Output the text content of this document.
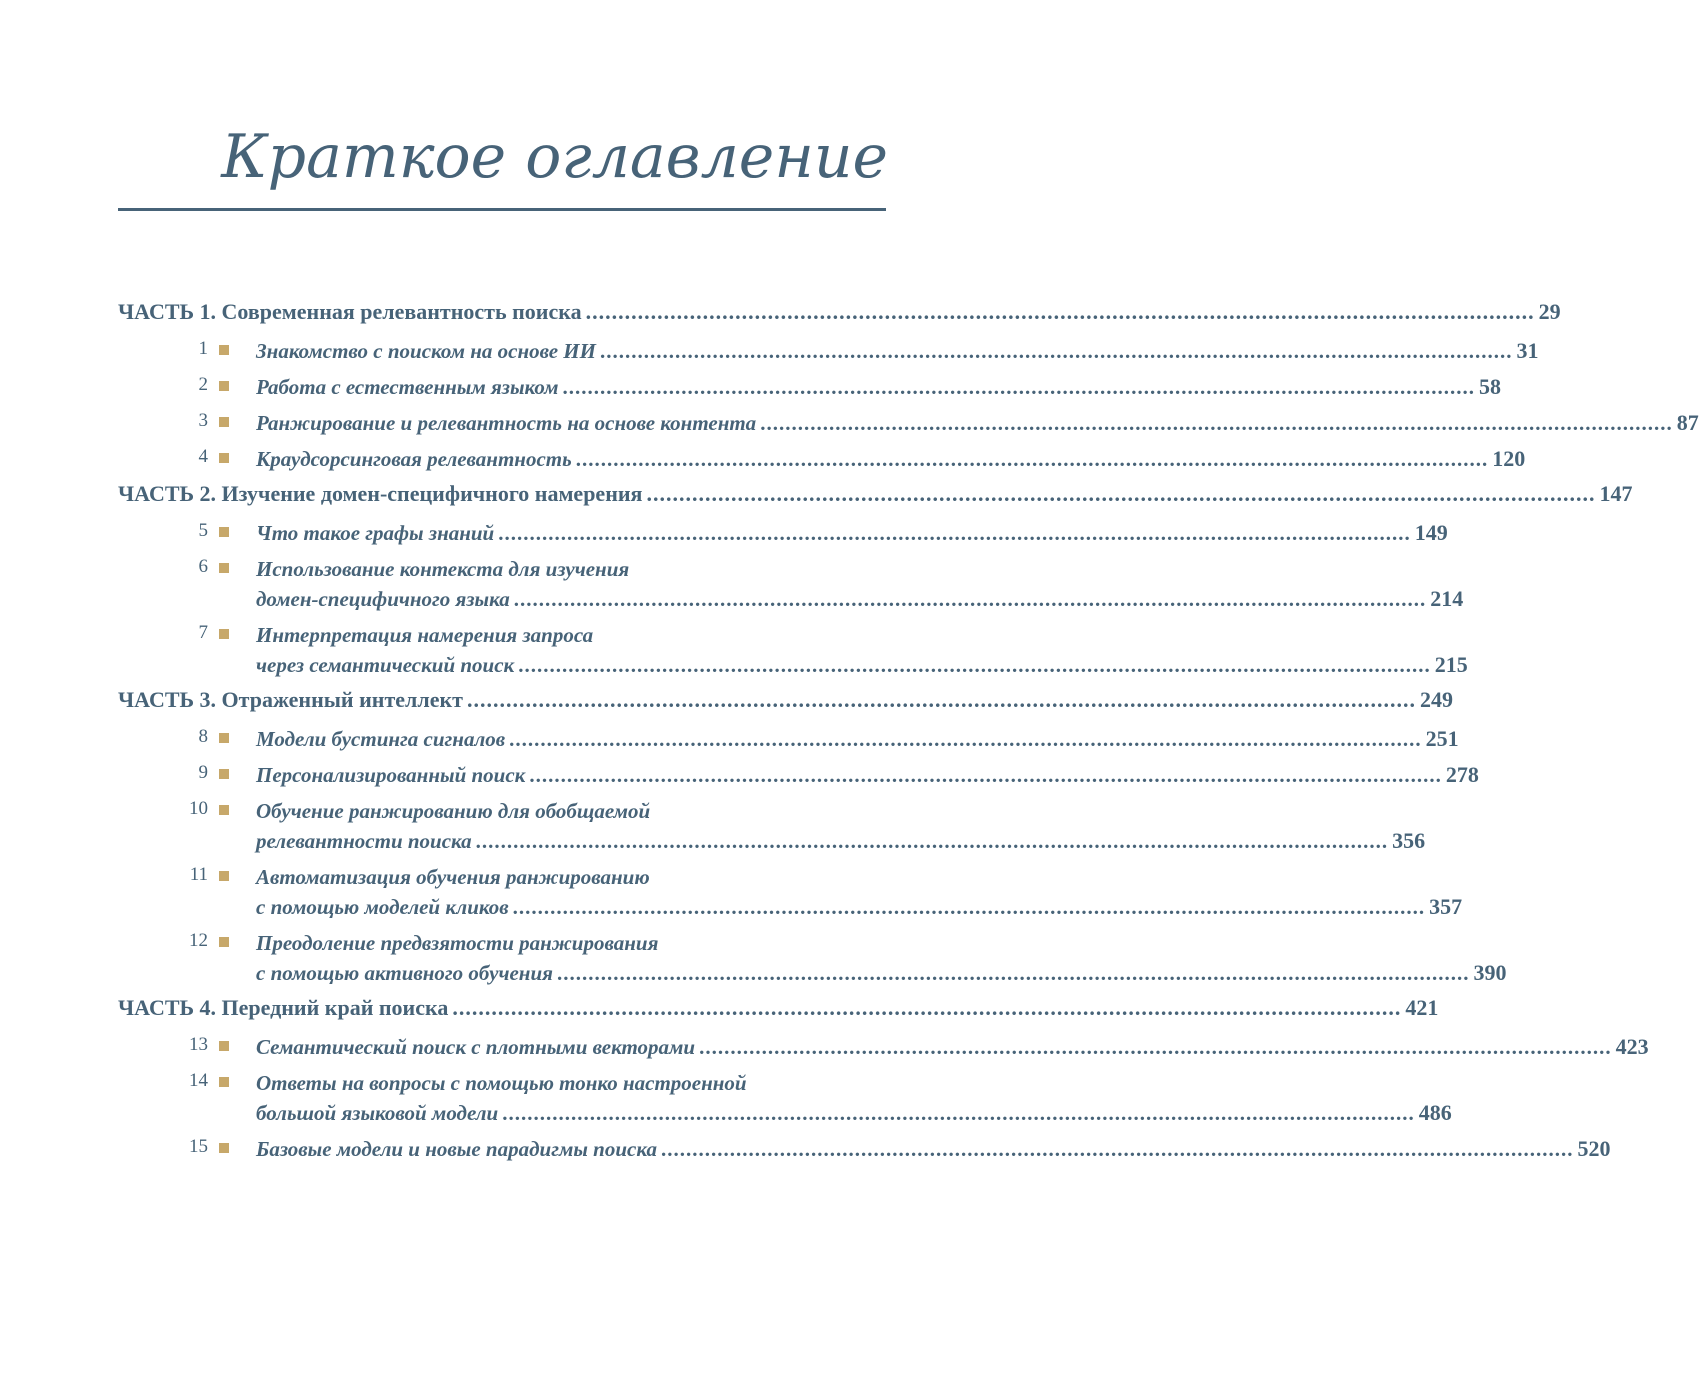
Краткое оглавление
ЧАСТЬ 1. Современная релевантность поиска .................................................................................................................................................. 29
1 Знакомство с поиском на основе ИИ .................................................................................................................................................. 31
2 Работа с естественным языком .................................................................................................................................................. 58
3 Ранжирование и релевантность на основе контента .................................................................................................................................................. 87
4 Краудсорсинговая релевантность .................................................................................................................................................. 120
ЧАСТЬ 2. Изучение домен-специфичного намерения .................................................................................................................................................. 147
5 Что такое графы знаний .................................................................................................................................................. 149
6 Использование контекста для изучения
домен-специфичного языка .................................................................................................................................................. 214
7 Интерпретация намерения запроса
через семантический поиск .................................................................................................................................................. 215
ЧАСТЬ 3. Отраженный интеллект .................................................................................................................................................. 249
8 Модели бустинга сигналов .................................................................................................................................................. 251
9 Персонализированный поиск .................................................................................................................................................. 278
10 Обучение ранжированию для обобщаемой
релевантности поиска .................................................................................................................................................. 356
11 Автоматизация обучения ранжированию
с помощью моделей кликов .................................................................................................................................................. 357
12 Преодоление предвзятости ранжирования
с помощью активного обучения .................................................................................................................................................. 390
ЧАСТЬ 4. Передний край поиска .................................................................................................................................................. 421
13 Семантический поиск с плотными векторами .................................................................................................................................................. 423
14 Ответы на вопросы с помощью тонко настроенной
большой языковой модели .................................................................................................................................................. 486
15 Базовые модели и новые парадигмы поиска .................................................................................................................................................. 520
